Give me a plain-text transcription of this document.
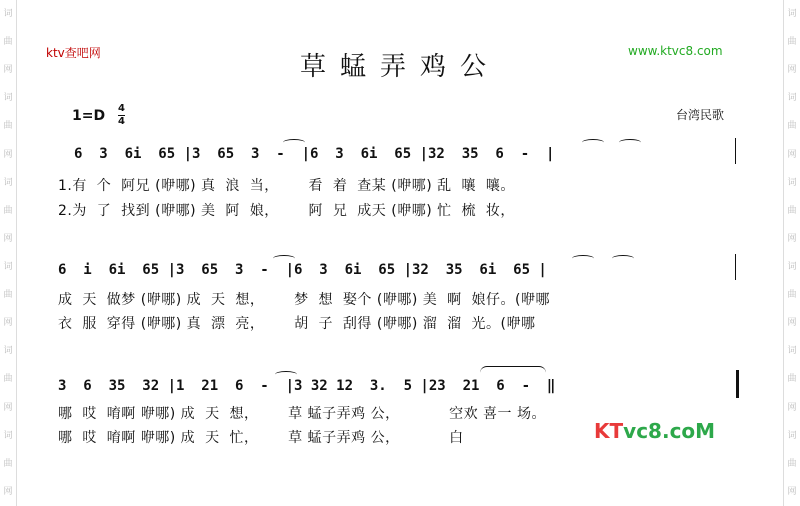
词
曲
网
词
曲
网
词
曲
网
词
曲
网
词
曲
网
词
曲
网
词
曲
网
词
曲
网
词
曲
网
词
曲
网
词
曲
网
词
曲
网
ktv查吧网	www.ktvc8.com
草蜢弄鸡公
1=D 4
4	台湾民歌
6  3  6i  65 |3  65  3  -  |6  3  6i  65 |32  35  6  -  |
1.有  个  阿兄 (咿哪) 真  浪  当，      看  着  查某 (咿哪) 乱  嚷  嚷。
2.为  了  找到 (咿哪) 美  阿  娘，      阿  兄  成天 (咿哪) 忙  梳  妆，
6  i  6i  65 |3  65  3  -  |6  3  6i  65 |32  35  6i  65 |
成  天  做梦 (咿哪) 成  天  想，      梦  想  娶个 (咿哪) 美  啊  娘仔。(咿哪
衣  服  穿得 (咿哪) 真  漂  亮，      胡  子  刮得 (咿哪) 溜  溜  光。(咿哪
3  6  35  32 |1  21  6  -  |3 32 12  3.  5 |23  21  6  -  ‖
哪  哎  唷啊 咿哪) 成  天  想，      草 蜢子弄鸡 公，          空欢 喜一 场。
哪  哎  唷啊 咿哪) 成  天  忙，      草 蜢子弄鸡 公，          白	KTvc8.coM
